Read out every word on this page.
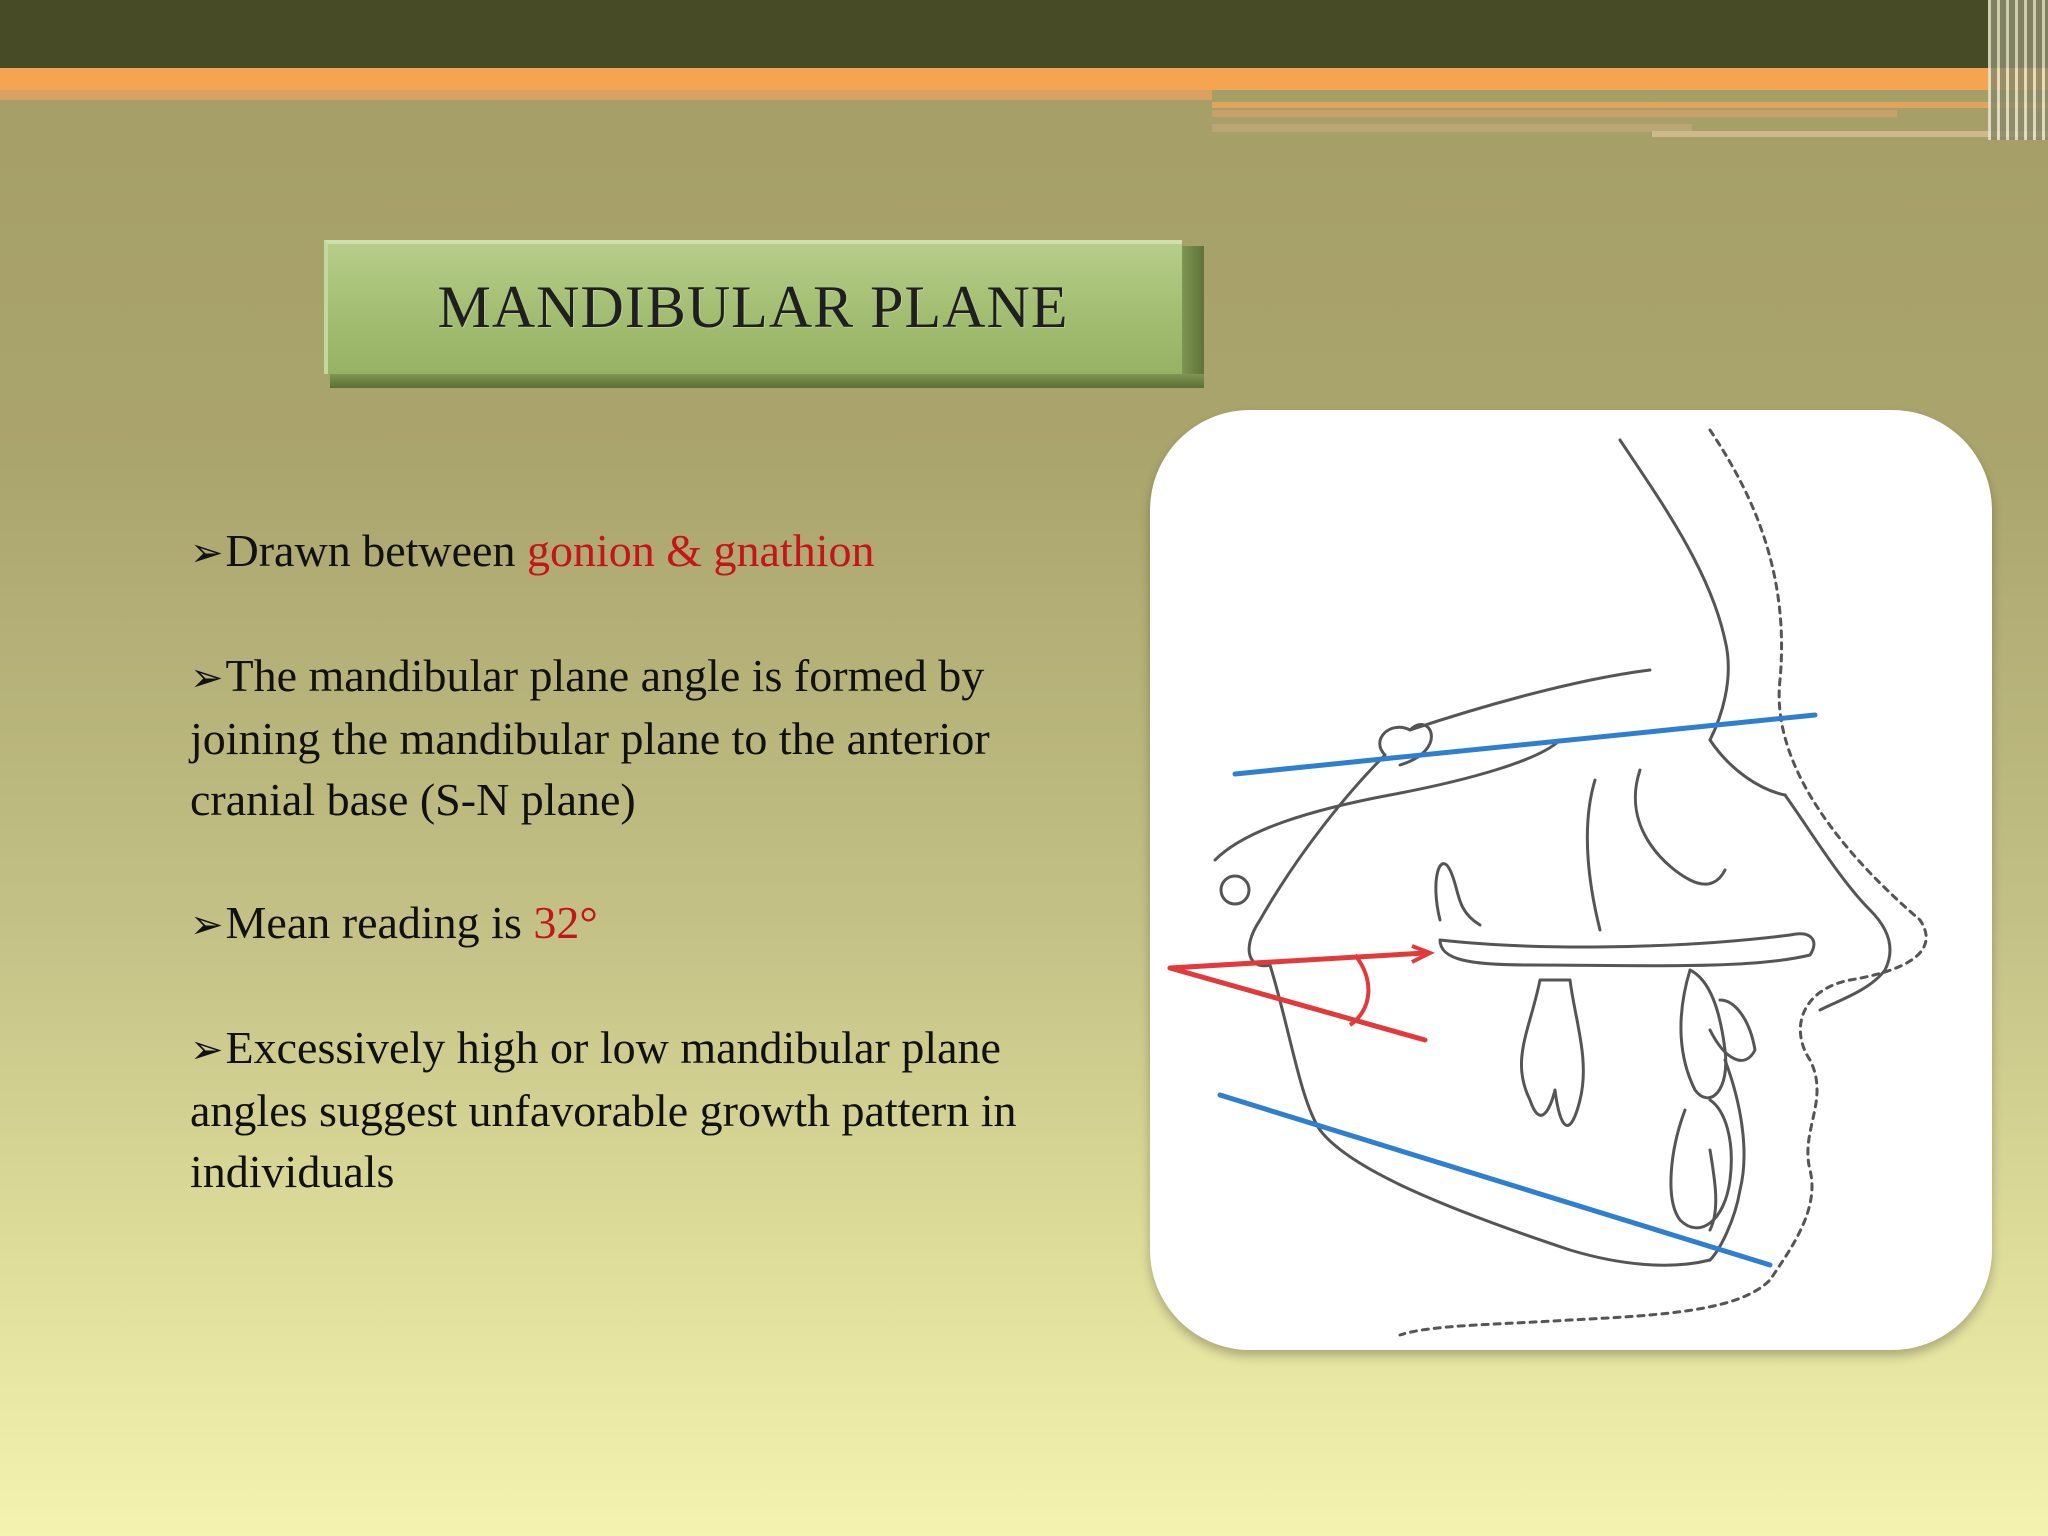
MANDIBULAR PLANE
➢Drawn between gonion & gnathion
➢The mandibular plane angle is formed by joining the mandibular plane to the anterior cranial base (S-N plane)
➢Mean reading is 32°
➢Excessively high or low mandibular plane angles suggest unfavorable growth pattern in individuals
